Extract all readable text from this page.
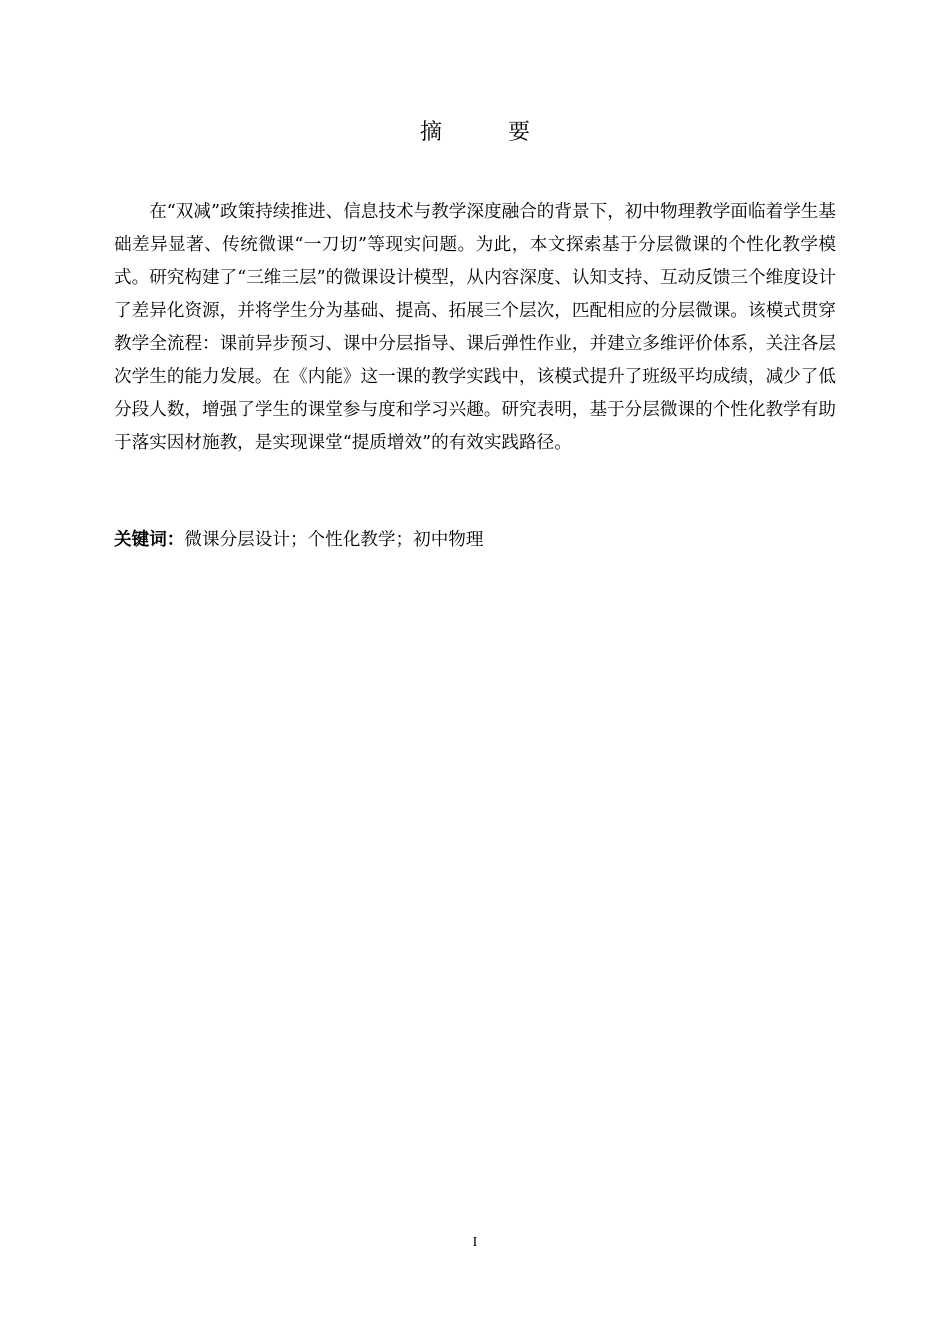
摘　要

在“双减”政策持续推进、信息技术与教学深度融合的背景下，初中物理教学面临着学生基础差异显著、传统微课“一刀切”等现实问题。为此，本文探索基于分层微课的个性化教学模式。研究构建了“三维三层”的微课设计模型，从内容深度、认知支持、互动反馈三个维度设计了差异化资源，并将学生分为基础、提高、拓展三个层次，匹配相应的分层微课。该模式贯穿教学全流程：课前异步预习、课中分层指导、课后弹性作业，并建立多维评价体系，关注各层次学生的能力发展。在《内能》这一课的教学实践中，该模式提升了班级平均成绩，减少了低分段人数，增强了学生的课堂参与度和学习兴趣。研究表明，基于分层微课的个性化教学有助于落实因材施教，是实现课堂“提质增效”的有效实践路径。

关键词：微课分层设计；个性化教学；初中物理

I
